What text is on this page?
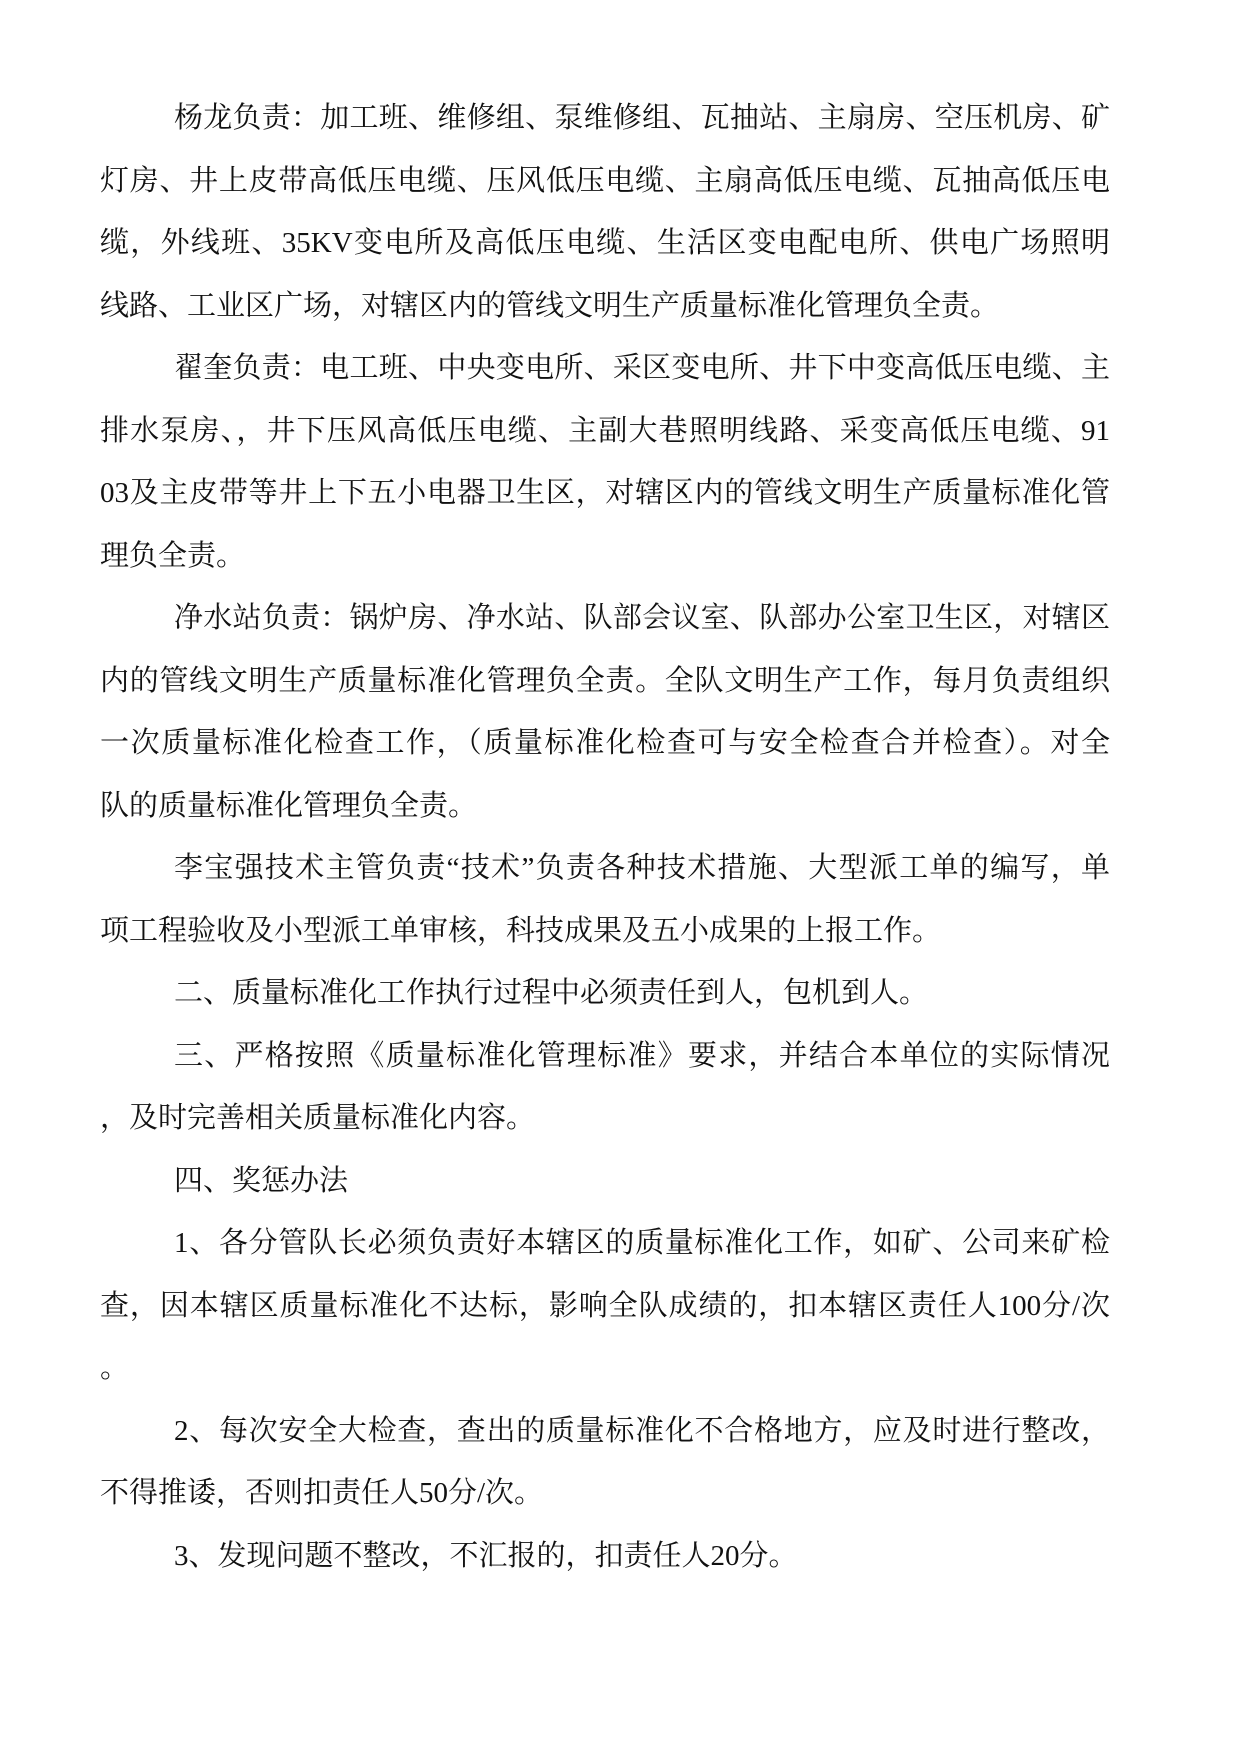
杨龙负责：加工班、维修组、泵维修组、瓦抽站、主扇房、空压机房、矿
灯房、井上皮带高低压电缆、压风低压电缆、主扇高低压电缆、瓦抽高低压电
缆，外线班、35KV变电所及高低压电缆、生活区变电配电所、供电广场照明
线路、工业区广场，对辖区内的管线文明生产质量标准化管理负全责。
翟奎负责：电工班、中央变电所、采区变电所、井下中变高低压电缆、主
排水泵房、，井下压风高低压电缆、主副大巷照明线路、采变高低压电缆、91
03及主皮带等井上下五小电器卫生区，对辖区内的管线文明生产质量标准化管
理负全责。
净水站负责：锅炉房、净水站、队部会议室、队部办公室卫生区，对辖区
内的管线文明生产质量标准化管理负全责。全队文明生产工作，每月负责组织
一次质量标准化检查工作，（质量标准化检查可与安全检查合并检查）。对全
队的质量标准化管理负全责。
李宝强技术主管负责“技术”负责各种技术措施、大型派工单的编写，单
项工程验收及小型派工单审核，科技成果及五小成果的上报工作。
二、质量标准化工作执行过程中必须责任到人，包机到人。
三、严格按照《质量标准化管理标准》要求，并结合本单位的实际情况
，及时完善相关质量标准化内容。
四、奖惩办法
1、各分管队长必须负责好本辖区的质量标准化工作，如矿、公司来矿检
查，因本辖区质量标准化不达标，影响全队成绩的，扣本辖区责任人100分/次
。
2、每次安全大检查，查出的质量标准化不合格地方，应及时进行整改，
不得推诿，否则扣责任人50分/次。
3、发现问题不整改，不汇报的，扣责任人20分。
